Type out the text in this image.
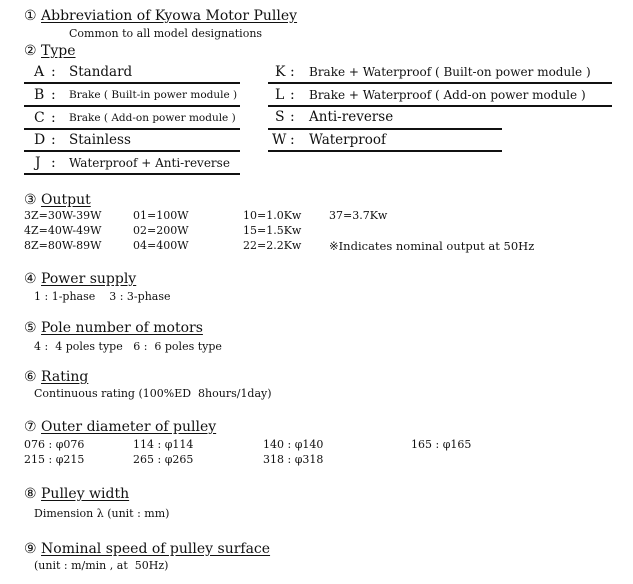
① Abbreviation of Kyowa Motor Pulley
Common to all model designations
② Type
A : Standard	K : Brake + Waterproof ( Built-on power module )
B : Brake ( Built-in power module )	L : Brake + Waterproof ( Add-on power module )
C : Brake ( Add-on power module )	S : Anti-reverse
D : Stainless	W : Waterproof
J : Waterproof + Anti-reverse
③ Output
3Z=30W-39W	01=100W	10=1.0Kw	37=3.7Kw
4Z=40W-49W	02=200W	15=1.5Kw
8Z=80W-89W	04=400W	22=2.2Kw ※Indicates nominal output at 50Hz
④ Power supply
1 : 1-phase    3 : 3-phase
⑤ Pole number of motors
4 :  4 poles type   6 :  6 poles type
⑥ Rating
Continuous rating (100%ED  8hours/1day)
⑦ Outer diameter of pulley
076 : φ076	114 : φ114	140 : φ140	165 : φ165
215 : φ215	265 : φ265	318 : φ318
⑧ Pulley width
Dimension λ (unit : mm)
⑨ Nominal speed of pulley surface
(unit : m/min , at  50Hz)
